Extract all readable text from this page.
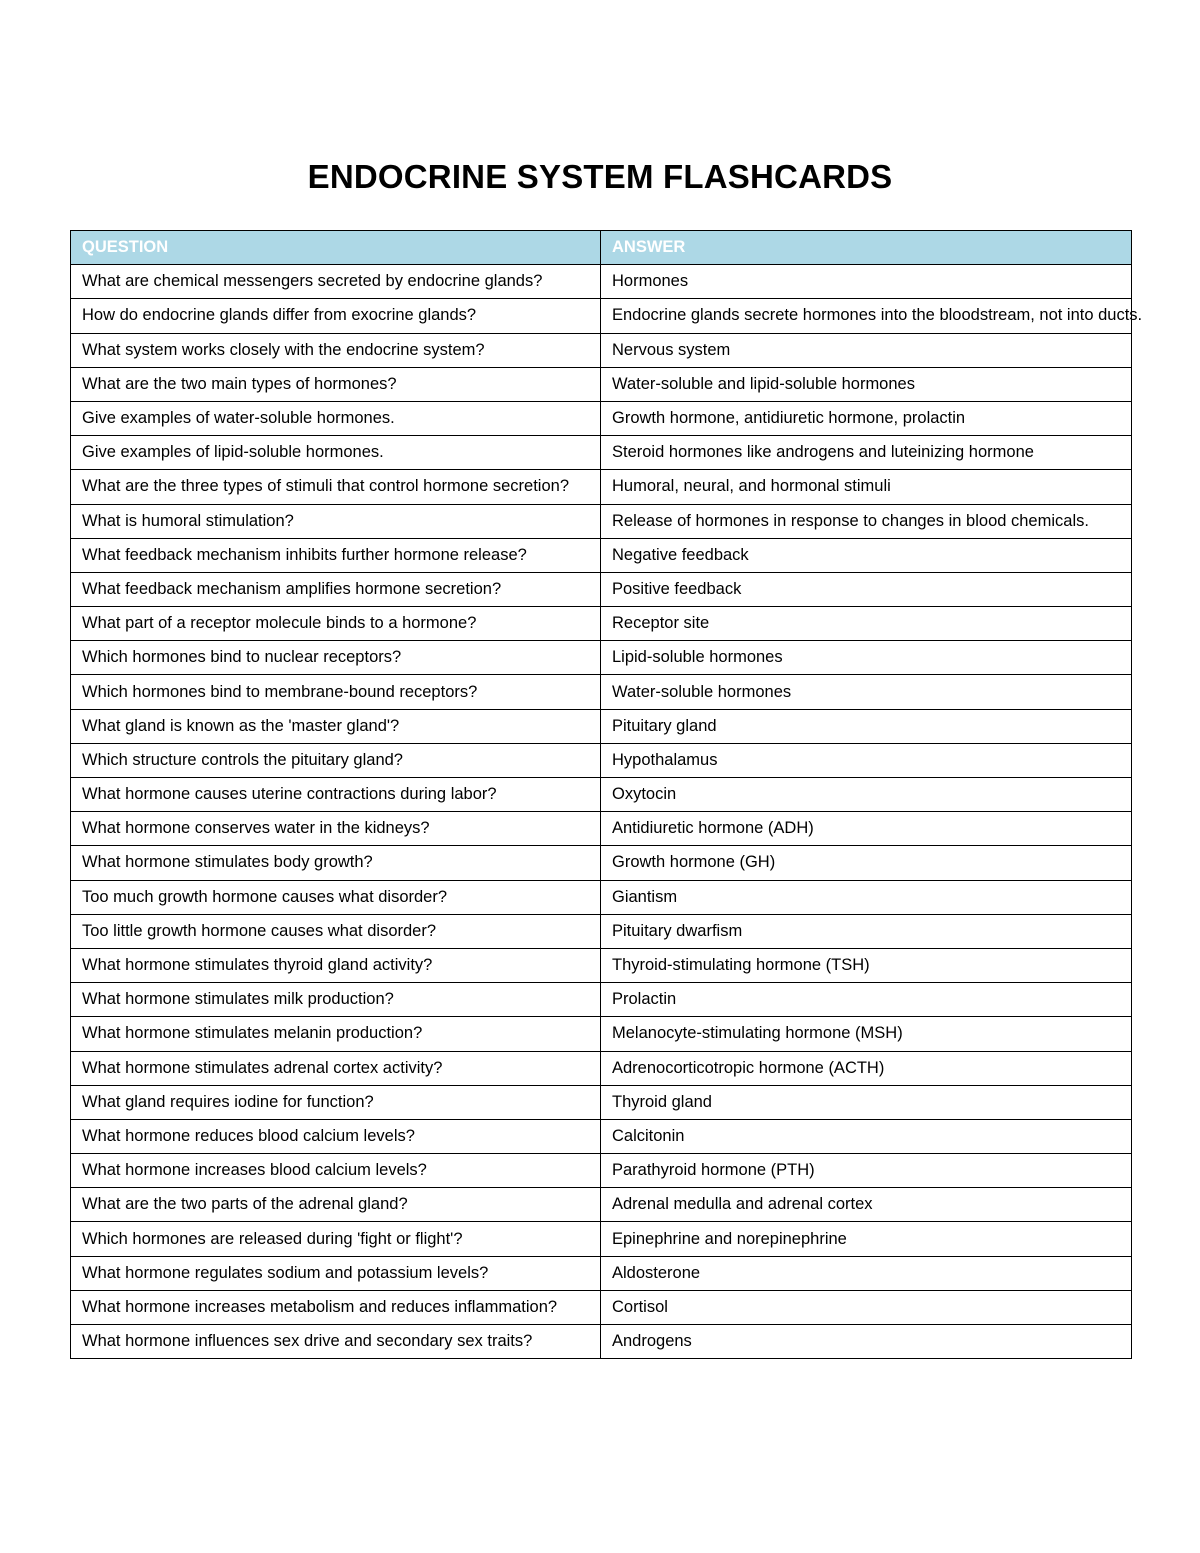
ENDOCRINE SYSTEM FLASHCARDS
QUESTION	ANSWER
What are chemical messengers secreted by endocrine glands?	Hormones
How do endocrine glands differ from exocrine glands?	Endocrine glands secrete hormones into the bloodstream, not into ducts.
What system works closely with the endocrine system?	Nervous system
What are the two main types of hormones?	Water-soluble and lipid-soluble hormones
Give examples of water-soluble hormones.	Growth hormone, antidiuretic hormone, prolactin
Give examples of lipid-soluble hormones.	Steroid hormones like androgens and luteinizing hormone
What are the three types of stimuli that control hormone secretion?	Humoral, neural, and hormonal stimuli
What is humoral stimulation?	Release of hormones in response to changes in blood chemicals.
What feedback mechanism inhibits further hormone release?	Negative feedback
What feedback mechanism amplifies hormone secretion?	Positive feedback
What part of a receptor molecule binds to a hormone?	Receptor site
Which hormones bind to nuclear receptors?	Lipid-soluble hormones
Which hormones bind to membrane-bound receptors?	Water-soluble hormones
What gland is known as the 'master gland'?	Pituitary gland
Which structure controls the pituitary gland?	Hypothalamus
What hormone causes uterine contractions during labor?	Oxytocin
What hormone conserves water in the kidneys?	Antidiuretic hormone (ADH)
What hormone stimulates body growth?	Growth hormone (GH)
Too much growth hormone causes what disorder?	Giantism
Too little growth hormone causes what disorder?	Pituitary dwarfism
What hormone stimulates thyroid gland activity?	Thyroid-stimulating hormone (TSH)
What hormone stimulates milk production?	Prolactin
What hormone stimulates melanin production?	Melanocyte-stimulating hormone (MSH)
What hormone stimulates adrenal cortex activity?	Adrenocorticotropic hormone (ACTH)
What gland requires iodine for function?	Thyroid gland
What hormone reduces blood calcium levels?	Calcitonin
What hormone increases blood calcium levels?	Parathyroid hormone (PTH)
What are the two parts of the adrenal gland?	Adrenal medulla and adrenal cortex
Which hormones are released during 'fight or flight'?	Epinephrine and norepinephrine
What hormone regulates sodium and potassium levels?	Aldosterone
What hormone increases metabolism and reduces inflammation?	Cortisol
What hormone influences sex drive and secondary sex traits?	Androgens
